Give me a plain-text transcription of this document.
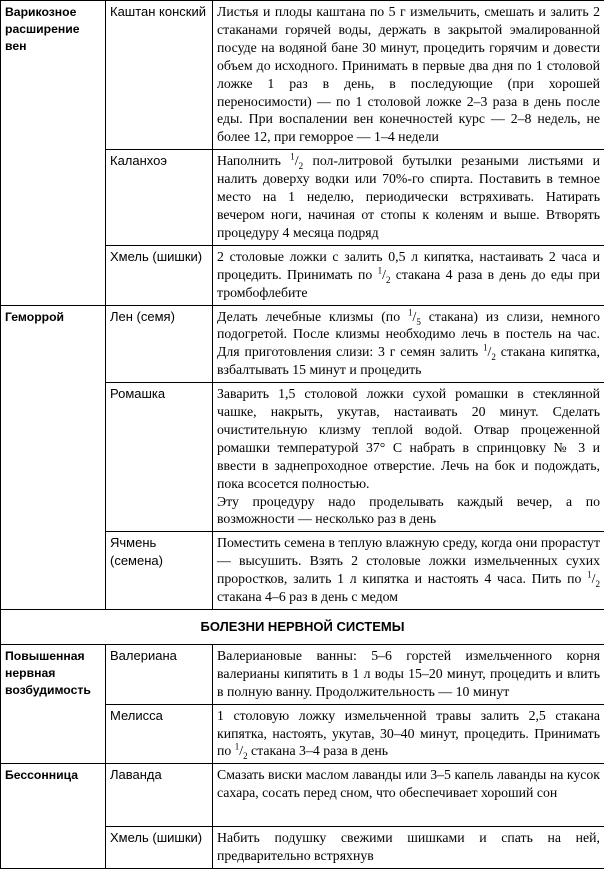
Варикозное расширение вен	Каштан конский	Листья и плоды каштана по 5 г измельчить, смешать и залить 2 стаканами горячей воды, держать в закрытой эмалированной посуде на водяной бане 30 минут, процедить горячим и довести объем до исходного. Принимать в первые два дня по 1 столовой ложке 1 раз в день, в последующие (при хорошей переносимости) — по 1 столовой ложке 2–3 раза в день после еды. При воспалении вен конечностей курс — 2–8 недель, не более 12, при геморрое — 1–4 недели
	Каланхоэ	Наполнить $^1/_2$ пол-литровой бутылки резаными листьями и налить доверху водки или 70%-го спирта. Поставить в темное место на 1 неделю, периодически встряхивать. Натирать вечером ноги, начиная от стопы к коленям и выше. Втворять процедуру 4 месяца подряд
	Хмель (шишки)	2 столовые ложки с залить 0,5 л кипятка, настаивать 2 часа и процедить. Принимать по $^1/_2$ стакана 4 раза в день до еды при тромбофлебите
Геморрой	Лен (семя)	Делать лечебные клизмы (по $^1/_5$ стакана) из слизи, немного подогретой. После клизмы необходимо лечь в постель на час. Для приготовления слизи: 3 г семян залить $^1/_2$ стакана кипятка, взбалтывать 15 минут и процедить
	Ромашка	Заварить 1,5 столовой ложки сухой ромашки в стеклянной чашке, накрыть, укутав, настаивать 20 минут. Сделать очистительную клизму теплой водой. Отвар процеженной ромашки температурой 37° С набрать в спринцовку № 3 и ввести в заднепроходное отверстие. Лечь на бок и подождать, пока всосется полностью.

Эту процедуру надо проделывать каждый вечер, а по возможности — несколько раз в день

	Ячмень (семена)	Поместить семена в теплую влажную среду, когда они прорастут — высушить. Взять 2 столовые ложки измельченных сухих проростков, залить 1 л кипятка и настоять 4 часа. Пить по $^1/_2$ стакана 4–6 раз в день с медом
БОЛЕЗНИ НЕРВНОЙ СИСТЕМЫ		
Повышенная нервная возбудимость	Валериана	Валериановые ванны: 5–6 горстей измельченного корня валерианы кипятить в 1 л воды 15–20 минут, процедить и влить в полную ванну. Продолжительность — 10 минут
	Мелисса	1 столовую ложку измельченной травы залить 2,5 стакана кипятка, настоять, укутав, 30–40 минут, процедить. Принимать по $^1/_2$ стакана 3–4 раза в день
Бессонница	Лаванда	Смазать виски маслом лаванды или 3–5 капель лаванды на кусок сахара, сосать перед сном, что обеспечивает хороший сон
	Хмель (шишки)	Набить подушку свежими шишками и спать на ней, предварительно встряхнув
